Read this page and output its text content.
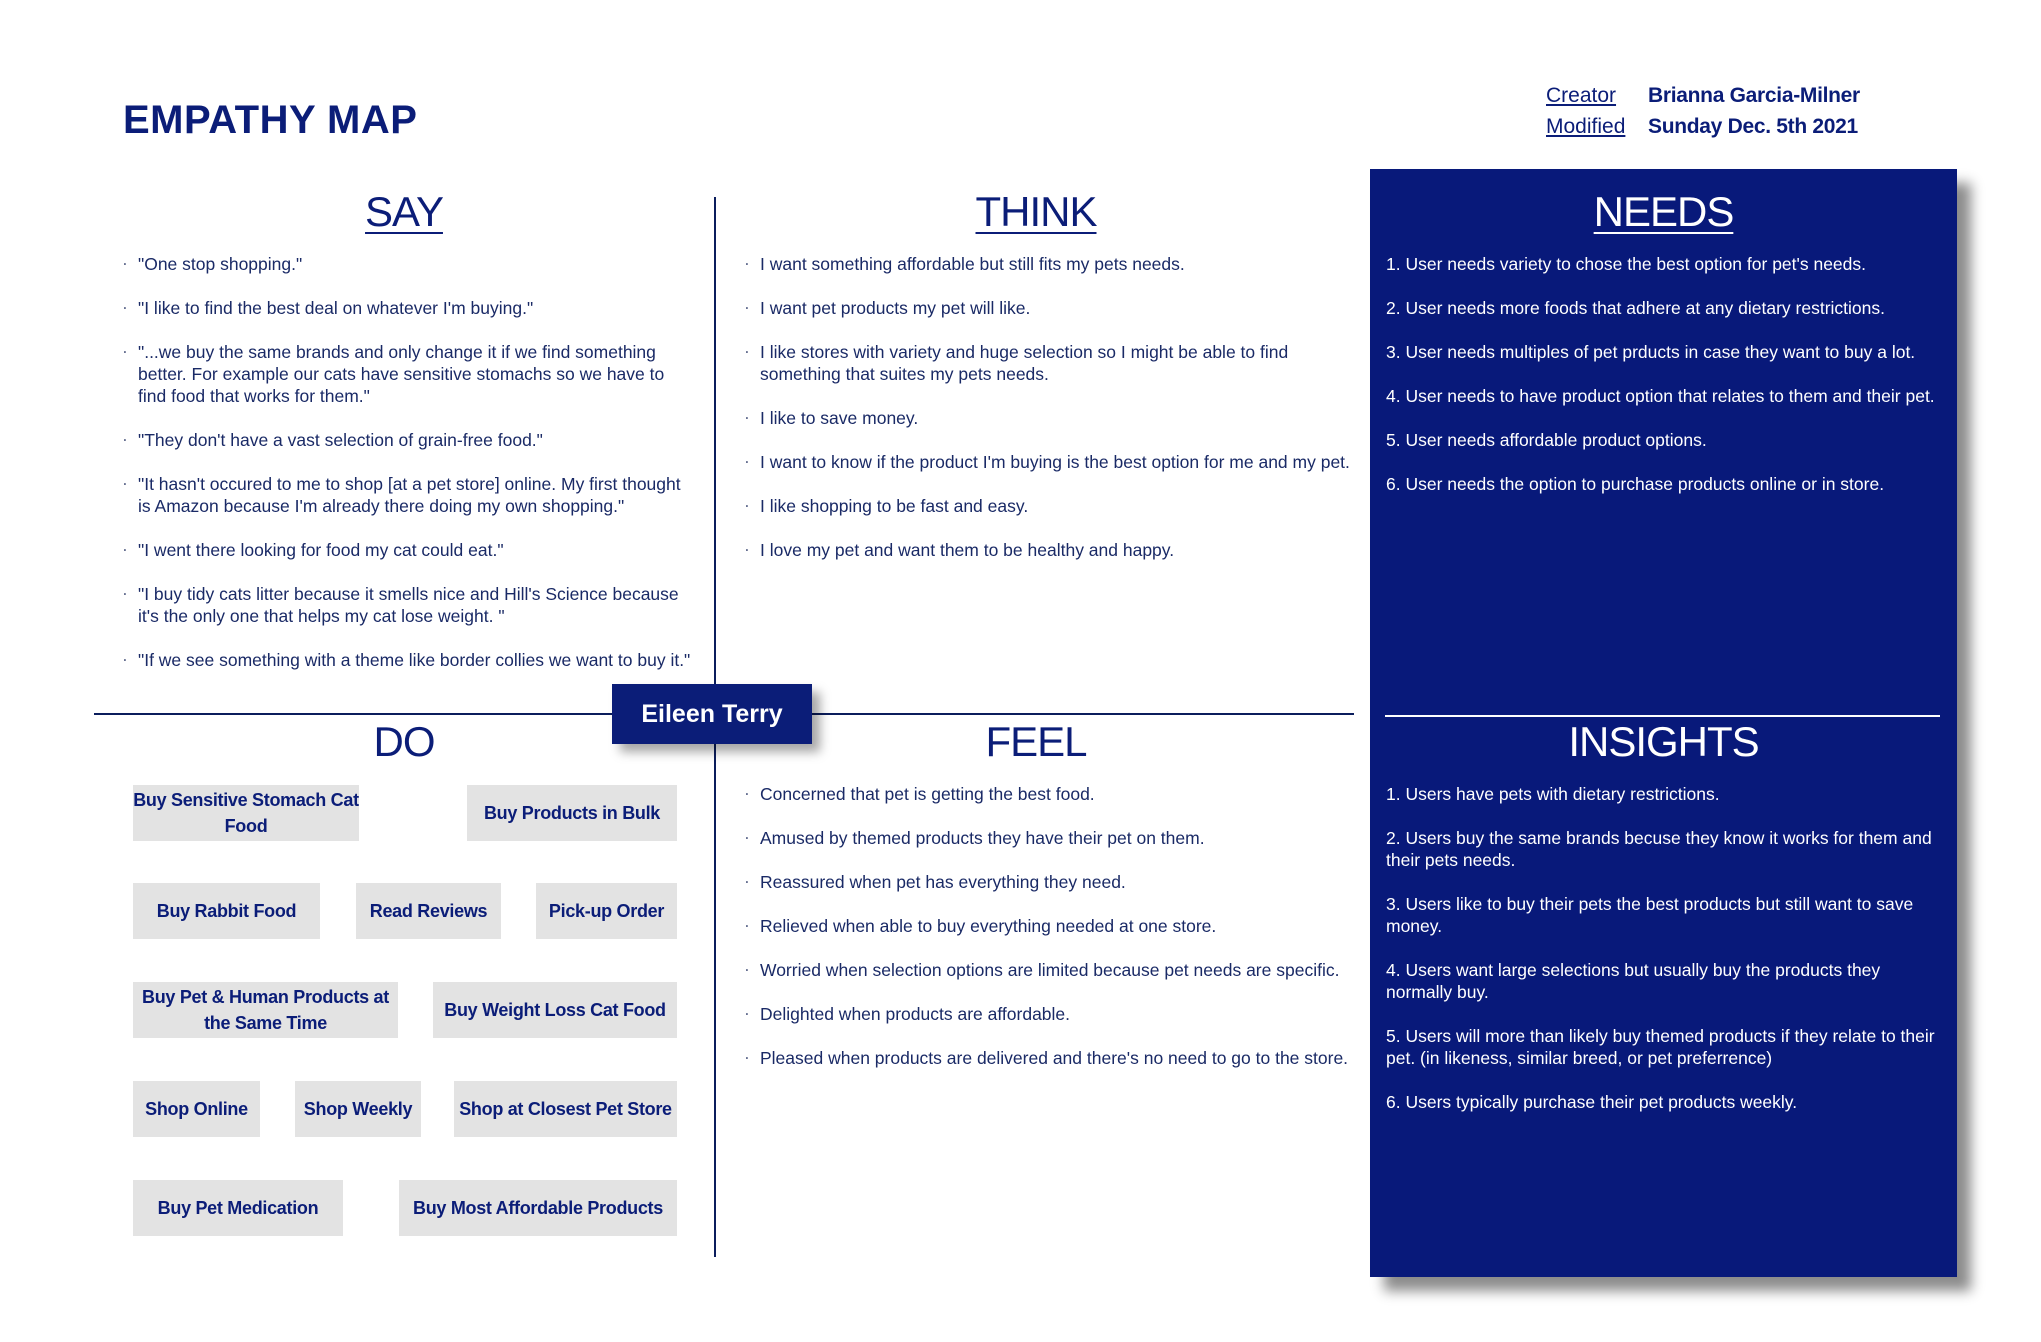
EMPATHY MAP
Creator Brianna Garcia-Milner
Modified Sunday Dec. 5th 2021
SAY
· "One stop shopping."
· "I like to find the best deal on whatever I'm buying."
· "...we buy the same brands and only change it if we find something better. For example our cats have sensitive stomachs so we have to find food that works for them."
· "They don't have a vast selection of grain-free food."
· "It hasn't occured to me to shop [at a pet store] online. My first thought is Amazon because I'm already there doing my own shopping."
· "I went there looking for food my cat could eat."
· "I buy tidy cats litter because it smells nice and Hill's Science because it's the only one that helps my cat lose weight. "
· "If we see something with a theme like border collies we want to buy it."
THINK
· I want something affordable but still fits my pets needs.
· I want pet products my pet will like.
· I like stores with variety and huge selection so I might be able to find something that suites my pets needs.
· I like to save money.
· I want to know if the product I'm buying is the best option for me and my pet.
· I like shopping to be fast and easy.
· I love my pet and want them to be healthy and happy.
Eileen Terry
DO
Buy Sensitive Stomach Cat Food
Buy Products in Bulk
Buy Rabbit Food	Read Reviews	Pick-up Order
Buy Pet & Human Products at the Same Time
Buy Weight Loss Cat Food
Shop Online	Shop Weekly	Shop at Closest Pet Store
Buy Pet Medication	Buy Most Affordable Products
FEEL
· Concerned that pet is getting the best food.
· Amused by themed products they have their pet on them.
· Reassured when pet has everything they need.
· Relieved when able to buy everything needed at one store.
· Worried when selection options are limited because pet needs are specific.
· Delighted when products are affordable.
· Pleased when products are delivered and there's no need to go to the store.
NEEDS
1. User needs variety to chose the best option for pet's needs.
2. User needs more foods that adhere at any dietary restrictions.
3. User needs multiples of pet prducts in case they want to buy a lot.
4. User needs to have product option that relates to them and their pet.
5. User needs affordable product options.
6. User needs the option to purchase products online or in store.
INSIGHTS
1. Users have pets with dietary restrictions.
2. Users buy the same brands becuse they know it works for them and their pets needs.
3. Users like to buy their pets the best products but still want to save money.
4. Users want large selections but usually buy the products they normally buy.
5. Users will more than likely buy themed products if they relate to their pet. (in likeness, similar breed, or pet preferrence)
6. Users typically purchase their pet products weekly.
